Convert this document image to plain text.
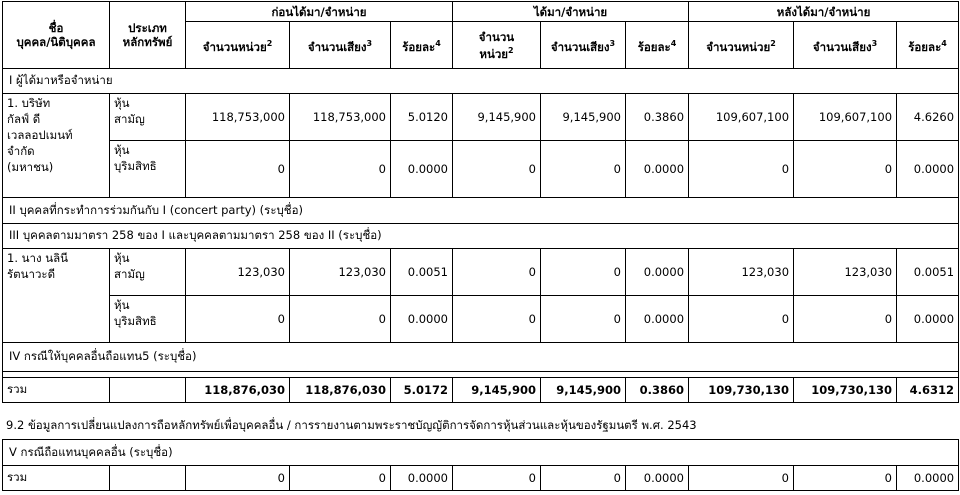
ชื่อ
บุคคล/นิติบุคคล	ประเภท
หลักทรัพย์	ก่อนได้มา/จำหน่าย			ได้มา/จำหน่าย			หลังได้มา/จำหน่าย		
		จำนวนหน่วย$^2$	จำนวนเสียง$^3$	ร้อยละ$^4$	จำนวน
หน่วย$^2$	จำนวนเสียง$^3$	ร้อยละ$^4$	จำนวนหน่วย$^2$	จำนวนเสียง$^3$	ร้อยละ$^4$
I ผู้ได้มาหรือจำหน่าย										
1. บริษัท
กัลฟ์ ดี
เวลลอปเมนท์
จำกัด
(มหาชน)	หุ้น
สามัญ	118,753,000	118,753,000	5.0120	9,145,900	9,145,900	0.3860	109,607,100	109,607,100	4.6260
	หุ้น
บุริมสิทธิ	0	0	0.0000	0	0	0.0000	0	0	0.0000
II บุคคลที่กระทำการร่วมกันกับ I (concert party) (ระบุชื่อ)										
III บุคคลตามมาตรา 258 ของ I และบุคคลตามมาตรา 258 ของ II (ระบุชื่อ)										
1. นาง นลินี
รัตนาวะดี	หุ้น
สามัญ	123,030	123,030	0.0051	0	0	0.0000	123,030	123,030	0.0051
	หุ้น
บุริมสิทธิ	0	0	0.0000	0	0	0.0000	0	0	0.0000
IV กรณีให้บุคคลอื่นถือแทน5 (ระบุชื่อ)										

รวม		118,876,030	118,876,030	5.0172	9,145,900	9,145,900	0.3860	109,730,130	109,730,130	4.6312
9.2 ข้อมูลการเปลี่ยนแปลงการถือหลักทรัพย์เพื่อบุคคลอื่น / การรายงานตามพระราชบัญญัติการจัดการหุ้นส่วนและหุ้นของรัฐมนตรี พ.ศ. 2543
V กรณีถือแทนบุคคลอื่น (ระบุชื่อ)
รวม		0	0	0.0000	0	0	0.0000	0	0	0.0000
